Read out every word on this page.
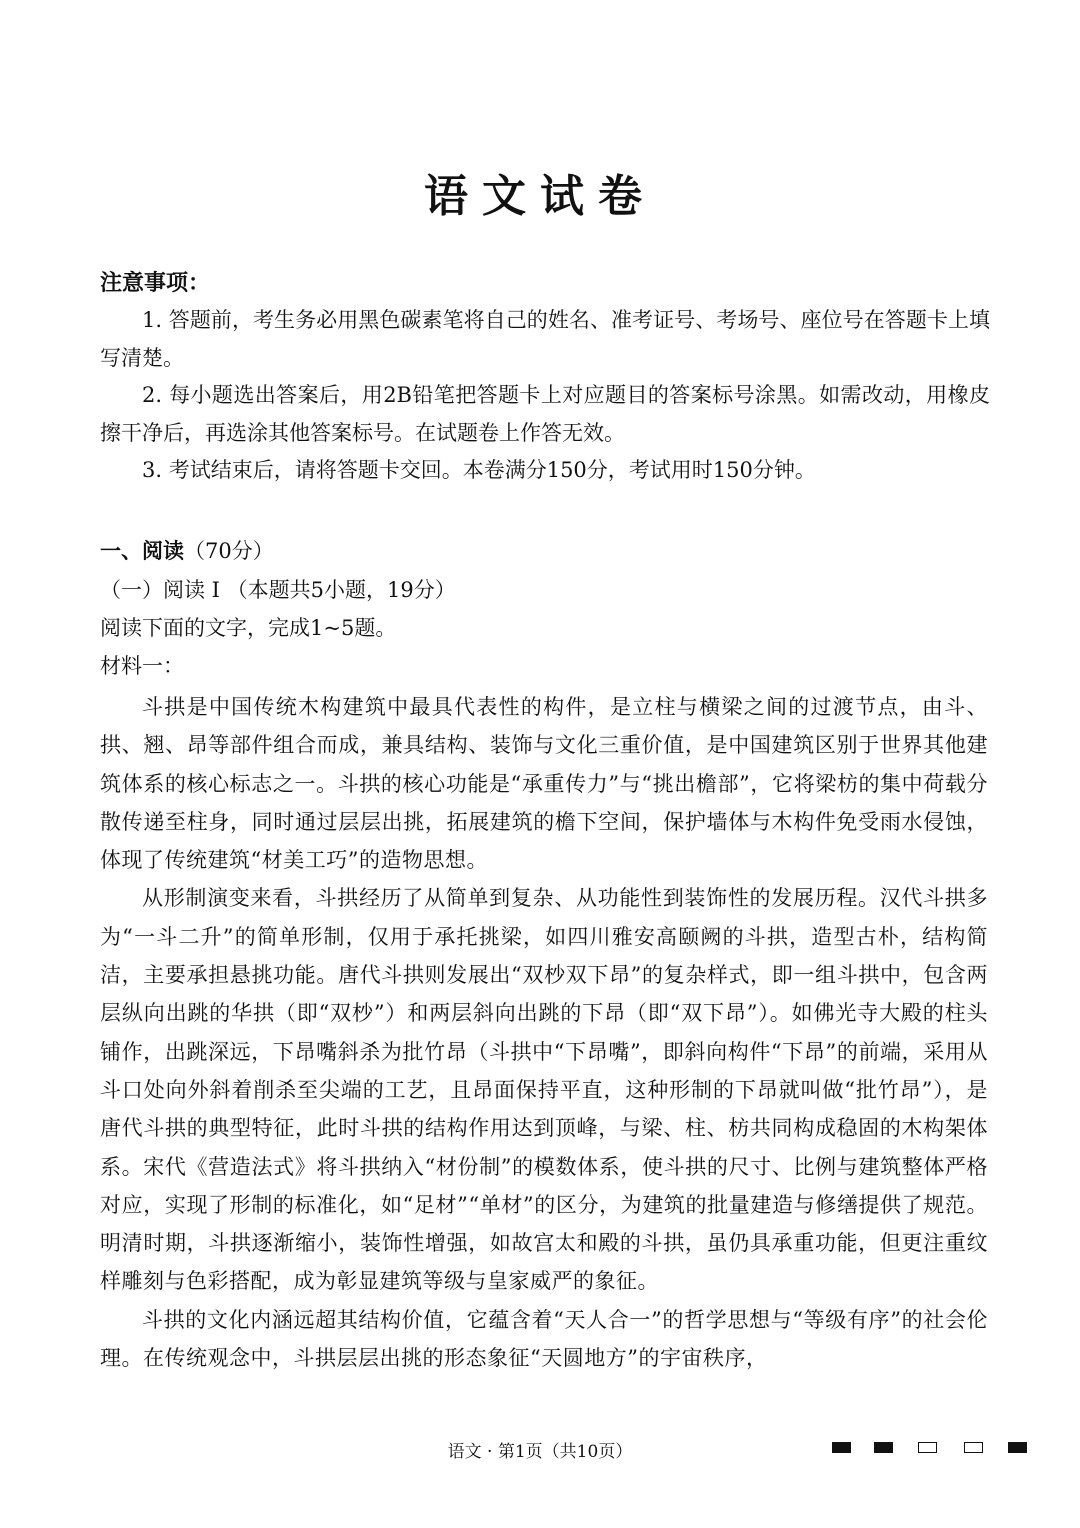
语文试卷
注意事项：

1. 答题前，考生务必用黑色碳素笔将自己的姓名、准考证号、考场号、座位号在答题卡上填写清楚。

2. 每小题选出答案后，用2B铅笔把答题卡上对应题目的答案标号涂黑。如需改动，用橡皮擦干净后，再选涂其他答案标号。在试题卷上作答无效。

3. 考试结束后，请将答题卡交回。本卷满分150分，考试用时150分钟。

一、阅读（70分）
（一）阅读 I （本题共5小题，19分）
阅读下面的文字，完成1~5题。
材料一：

斗拱是中国传统木构建筑中最具代表性的构件，是立柱与横梁之间的过渡节点，由斗、拱、翘、昂等部件组合而成，兼具结构、装饰与文化三重价值，是中国建筑区别于世界其他建筑体系的核心标志之一。斗拱的核心功能是“承重传力”与“挑出檐部”，它将梁枋的集中荷载分散传递至柱身，同时通过层层出挑，拓展建筑的檐下空间，保护墙体与木构件免受雨水侵蚀，体现了传统建筑“材美工巧”的造物思想。

从形制演变来看，斗拱经历了从简单到复杂、从功能性到装饰性的发展历程。汉代斗拱多为“一斗二升”的简单形制，仅用于承托挑梁，如四川雅安高颐阙的斗拱，造型古朴，结构简洁，主要承担悬挑功能。唐代斗拱则发展出“双杪双下昂”的复杂样式，即一组斗拱中，包含两层纵向出跳的华拱（即“双杪”）和两层斜向出跳的下昂（即“双下昂”）。如佛光寺大殿的柱头铺作，出跳深远，下昂嘴斜杀为批竹昂（斗拱中“下昂嘴”，即斜向构件“下昂”的前端，采用从斗口处向外斜着削杀至尖端的工艺，且昂面保持平直，这种形制的下昂就叫做“批竹昂”），是唐代斗拱的典型特征，此时斗拱的结构作用达到顶峰，与梁、柱、枋共同构成稳固的木构架体系。宋代《营造法式》将斗拱纳入“材份制”的模数体系，使斗拱的尺寸、比例与建筑整体严格对应，实现了形制的标准化，如“足材”“单材”的区分，为建筑的批量建造与修缮提供了规范。明清时期，斗拱逐渐缩小，装饰性增强，如故宫太和殿的斗拱，虽仍具承重功能，但更注重纹样雕刻与色彩搭配，成为彰显建筑等级与皇家威严的象征。

斗拱的文化内涵远超其结构价值，它蕴含着“天人合一”的哲学思想与“等级有序”的社会伦理。在传统观念中，斗拱层层出挑的形态象征“天圆地方”的宇宙秩序，

语文 · 第1页（共10页）
